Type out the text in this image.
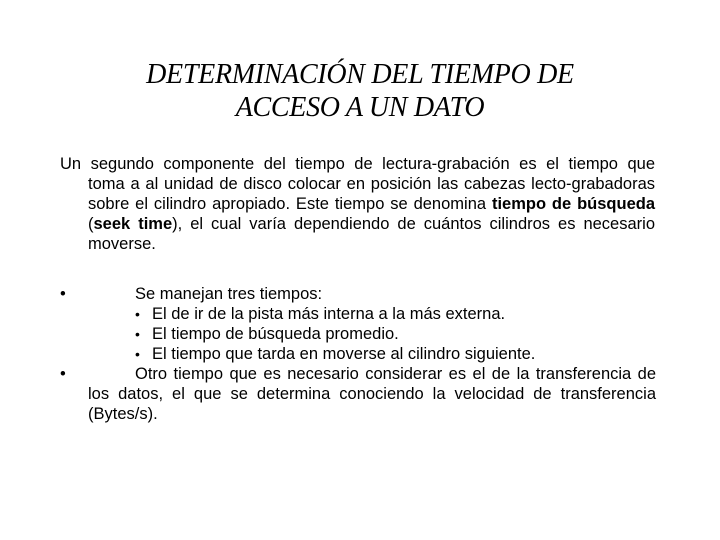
DETERMINACIÓN DEL TIEMPO DE
ACCESO A UN DATO
Un segundo componente del tiempo de lectura-grabación es el tiempo que toma a al unidad de disco colocar en posición las cabezas lecto-grabadoras sobre el cilindro apropiado. Este tiempo se denomina tiempo de búsqueda (seek time), el cual varía dependiendo de cuántos cilindros es necesario moverse.
•	Se manejan tres tiempos:
• El de ir de la pista más interna a la más externa.
• El tiempo de búsqueda promedio.
• El tiempo que tarda en moverse al cilindro siguiente.
•	Otro tiempo que es necesario considerar es el de la transferencia de los datos, el que se determina conociendo la velocidad de transferencia (Bytes/s).
